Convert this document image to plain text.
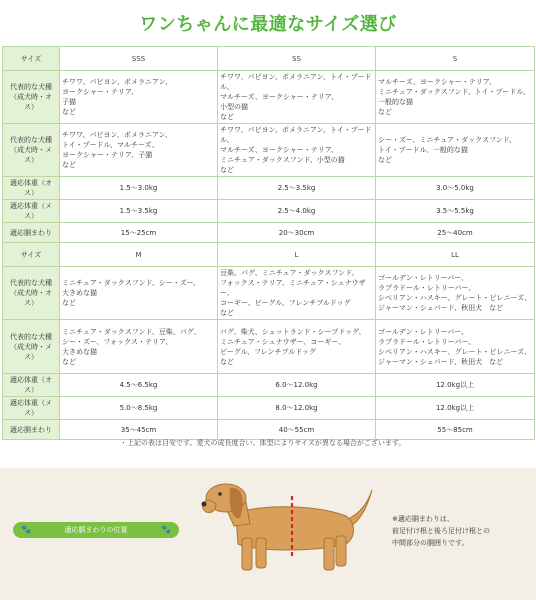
ワンちゃんに最適なサイズ選び
サイズ	SSS	SS	S
代表的な犬種
（成犬時・オス）	チワワ、パピヨン、ポメラニアン、
ヨークシャー・テリア、
子猫
など	チワワ、パピヨン、ポメラニアン、トイ・プードル、
マルチーズ、ヨークシャー・テリア、
小型の猫
など	マルチーズ、ヨークシャー・テリア、
ミニチュア・ダックスフンド、トイ・プードル、
一般的な猫
など
代表的な犬種
（成犬時・メス）	チワワ、パピヨン、ポメラニアン、
トイ・プードル、マルチーズ、
ヨークシャー・テリア、子猫
など	チワワ、パピヨン、ポメラニアン、トイ・プードル、
マルチーズ、ヨークシャー・テリア、
ミニチュア・ダックスフンド、小型の猫
など	シー・ズー、ミニチュア・ダックスフンド、
トイ・プードル、一般的な猫
など
適応体重（オス）	1.5〜3.0kg	2.5〜3.5kg	3.0〜5.0kg
適応体重（メス）	1.5〜3.5kg	2.5〜4.0kg	3.5〜5.5kg
適応胴まわり	15〜25cm	20〜30cm	25〜40cm
サイズ	M	L	LL
代表的な犬種
（成犬時・オス）	ミニチュア・ダックスフンド、シー・ズー、
大きめな猫
など	豆柴、パグ、ミニチュア・ダックスフンド、
フォックス・テリア、ミニチュア・シュナウザー、
コーギー、ビーグル、フレンチブルドッグ
など	ゴールデン・レトリーバー、
ラブラドール・レトリーバー、
シベリアン・ハスキー、グレート・ピレニーズ、
ジャーマン・シェパード、秋田犬　など
代表的な犬種
（成犬時・メス）	ミニチュア・ダックスフンド、豆柴、パグ、
シー・ズー、フォックス・テリア、
大きめな猫
など	パグ、柴犬、シェットランド・シープドッグ、
ミニチュア・シュナウザー、コーギー、
ビーグル、フレンチブルドッグ
など	ゴールデン・レトリーバー、
ラブラドール・レトリーバー、
シベリアン・ハスキー、グレート・ピレニーズ、
ジャーマン・シェパード、秋田犬　など
適応体重（オス）	4.5〜6.5kg	6.0〜12.0kg	12.0kg以上
適応体重（メス）	5.0〜8.5kg	8.0〜12.0kg	12.0kg以上
適応胴まわり	35〜45cm	40〜55cm	55〜85cm
・上記の表は目安です。愛犬の成長度合い、体型によりサイズが異なる場合がございます。
🐾	適応胴まわりの位置	🐾
※適応胴まわりは、
前足付け根と後ろ足付け根との
中間部分の胴囲りです。
